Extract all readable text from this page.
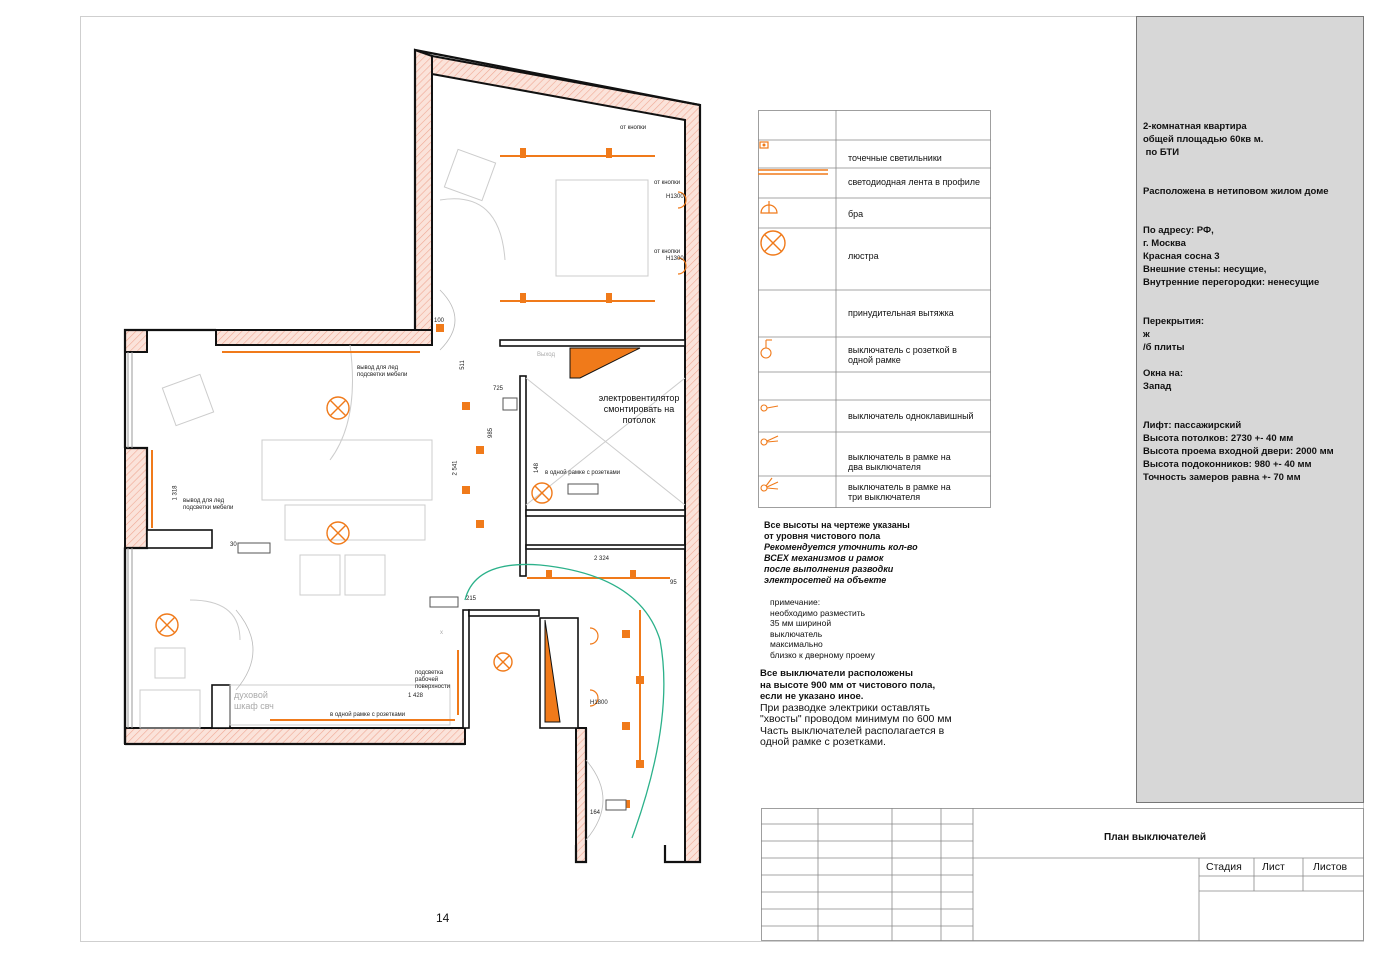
от кнопки
от кнопки
от кнопки
H1300
H1300
вывод для лед подсветки мебели
вывод для лед подсветки мебели
электровентилятор смонтировать на потолок
в одной рамке с розетками
в одной рамке с розетками
подсветка рабочей поверхности
духовой шкаф свч	H1800
Выход
х
100
511
725
985
2 541
1 318
148
2 324
95
215
1 428
164
30
14
точечные светильники
светодиодная лента в профиле
бра
люстра
принудительная вытяжка
выключатель с розеткой в одной рамке
выключатель одноклавишный
выключатель в рамке на два выключателя
выключатель в рамке на три выключателя
Все высоты на чертеже указаны
от уровня чистового пола
Рекомендуется уточнить кол-во
ВСЕХ механизмов и рамок
после выполнения разводки
электросетей на объекте
примечание:
необходимо разместить
35 мм шириной
выключатель
максимально
близко к дверному проему
Все выключатели расположены
на высоте 900 мм от чистового пола,
если не указано иное.
При разводке электрики оставлять
"хвосты" проводом минимум по 600 мм
Часть выключателей располагается в
одной рамке с розетками.
2-комнатная квартира
общей площадью 60кв м.
по БТИ
Расположена в нетиповом жилом доме
По адресу: РФ,
г. Москва
Красная сосна 3
Внешние стены: несущие,
Внутренние перегородки: ненесущие
Перекрытия:
ж
/б плиты
Окна на:
Запад
Лифт: пассажирский
Высота потолков: 2730 +- 40 мм
Высота проема входной двери: 2000 мм
Высота подоконников: 980 +- 40 мм
Точность замеров равна +- 70 мм
План выключателей
Стадия Лист	Листов
